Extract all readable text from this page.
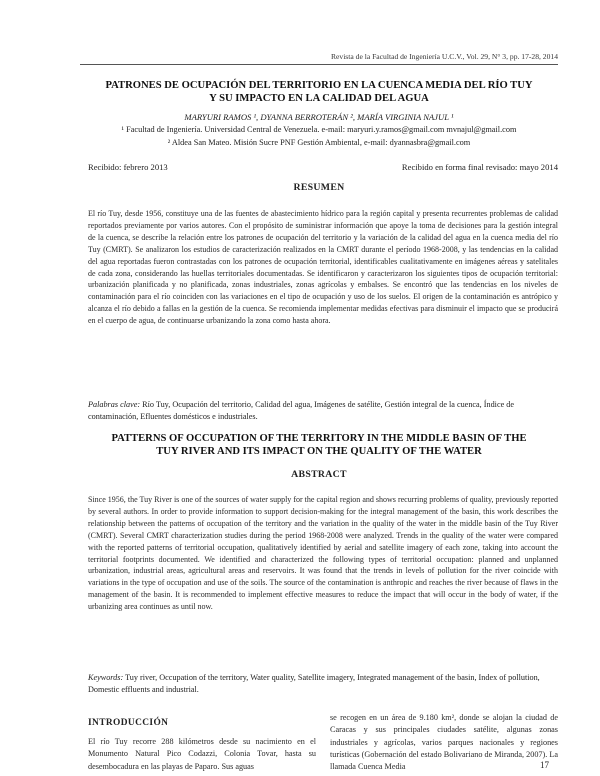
Revista de la Facultad de Ingeniería U.C.V., Vol. 29, N° 3, pp. 17-28, 2014
PATRONES DE OCUPACIÓN DEL TERRITORIO EN LA CUENCA MEDIA DEL RÍO TUY
Y SU IMPACTO EN LA CALIDAD DEL AGUA
MARYURI RAMOS ¹, DYANNA BERROTERÁN ², MARÍA VIRGINIA NAJUL ¹
¹ Facultad de Ingeniería. Universidad Central de Venezuela. e-mail: maryuri.y.ramos@gmail.com mvnajul@gmail.com
² Aldea San Mateo. Misión Sucre PNF Gestión Ambiental, e-mail: dyannasbra@gmail.com
Recibido: febrero 2013	Recibido en forma final revisado: mayo 2014
RESUMEN
El río Tuy, desde 1956, constituye una de las fuentes de abastecimiento hídrico para la región capital y presenta recurrentes problemas de calidad reportados previamente por varios autores. Con el propósito de suministrar información que apoye la toma de decisiones para la gestión integral de la cuenca, se describe la relación entre los patrones de ocupación del territorio y la variación de la calidad del agua en la cuenca media del río Tuy (CMRT). Se analizaron los estudios de caracterización realizados en la CMRT durante el período 1968-2008, y las tendencias en la calidad del agua reportadas fueron contrastadas con los patrones de ocupación territorial, identificables cualitativamente en imágenes aéreas y satelitales de cada zona, considerando las huellas territoriales documentadas. Se identificaron y caracterizaron los siguientes tipos de ocupación territorial: urbanización planificada y no planificada, zonas industriales, zonas agrícolas y embalses. Se encontró que las tendencias en los niveles de contaminación para el río coinciden con las variaciones en el tipo de ocupación y uso de los suelos. El origen de la contaminación es antrópico y alcanza el río debido a fallas en la gestión de la cuenca. Se recomienda implementar medidas efectivas para disminuir el impacto que se producirá en el cuerpo de agua, de continuarse urbanizando la zona como hasta ahora.
Palabras clave: Río Tuy, Ocupación del territorio, Calidad del agua, Imágenes de satélite, Gestión integral de la cuenca, Índice de contaminación, Efluentes domésticos e industriales.
PATTERNS OF OCCUPATION OF THE TERRITORY IN THE MIDDLE BASIN OF THE
TUY RIVER AND ITS IMPACT ON THE QUALITY OF THE WATER
ABSTRACT
Since 1956, the Tuy River is one of the sources of water supply for the capital region and shows recurring problems of quality, previously reported by several authors. In order to provide information to support decision-making for the integral management of the basin, this work describes the relationship between the patterns of occupation of the territory and the variation in the quality of the water in the middle basin of the Tuy River (CMRT). Several CMRT characterization studies during the period 1968-2008 were analyzed. Trends in the quality of the water were compared with the reported patterns of territorial occupation, qualitatively identified by aerial and satellite imagery of each zone, taking into account the territorial footprints documented. We identified and characterized the following types of territorial occupation: planned and unplanned urbanization, industrial areas, agricultural areas and reservoirs. It was found that the trends in levels of pollution for the river coincide with variations in the type of occupation and use of the soils. The source of the contamination is anthropic and reaches the river because of flaws in the management of the basin. It is recommended to implement effective measures to reduce the impact that will occur in the body of water, if the urbanizing area continues as until now.
Keywords: Tuy river, Occupation of the territory, Water quality, Satellite imagery, Integrated management of the basin, Index of pollution, Domestic effluents and industrial.
INTRODUCCIÓN
El río Tuy recorre 288 kilómetros desde su nacimiento en el Monumento Natural Pico Codazzi, Colonia Tovar, hasta su desembocadura en las playas de Paparo. Sus aguas
se recogen en un área de 9.180 km², donde se alojan la ciudad de Caracas y sus principales ciudades satélite, algunas zonas industriales y agrícolas, varios parques nacionales y regiones turísticas (Gobernación del estado Bolivariano de Miranda, 2007). La llamada Cuenca Media	17
